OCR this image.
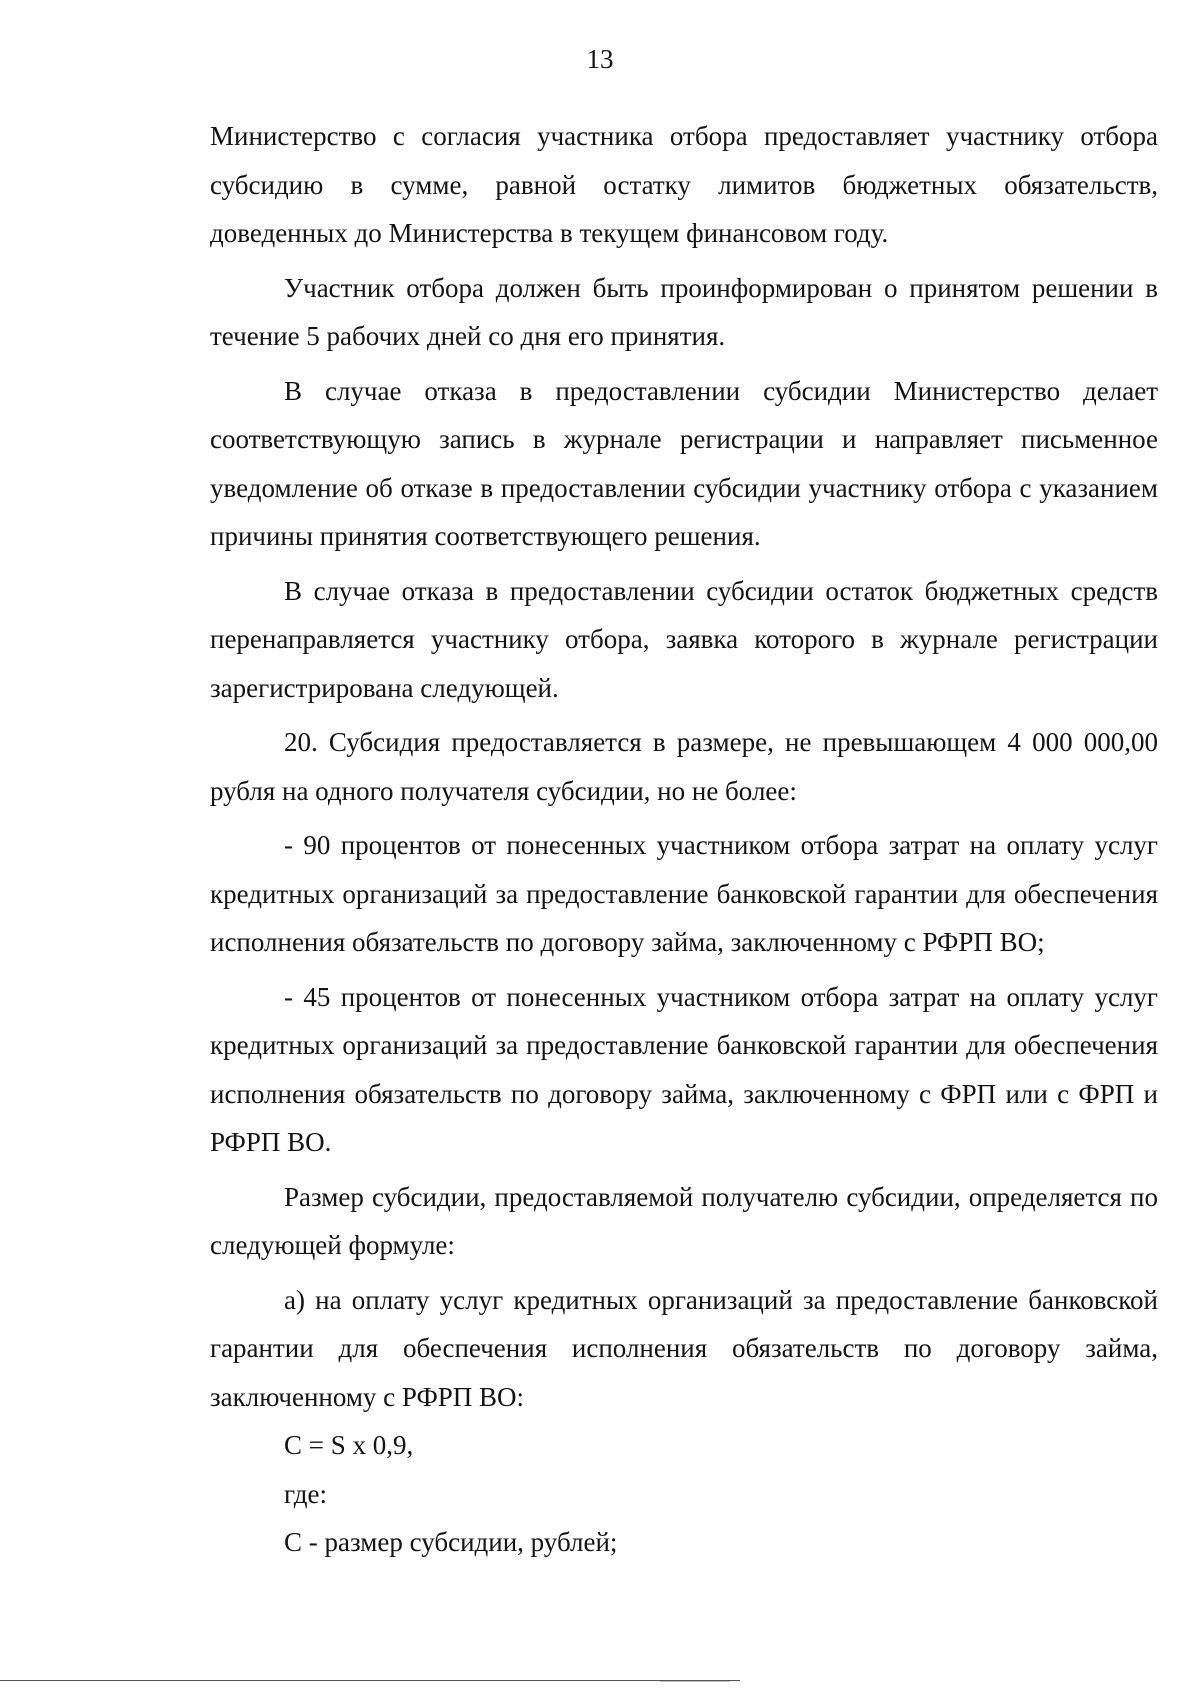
13

Министерство с согласия участника отбора предоставляет участнику отбора субсидию в сумме, равной остатку лимитов бюджетных обязательств, доведенных до Министерства в текущем финансовом году.

Участник отбора должен быть проинформирован о принятом решении в течение 5 рабочих дней со дня его принятия.

В случае отказа в предоставлении субсидии Министерство делает соответствующую запись в журнале регистрации и направляет письменное уведомление об отказе в предоставлении субсидии участнику отбора с указанием причины принятия соответствующего решения.

В случае отказа в предоставлении субсидии остаток бюджетных средств перенаправляется участнику отбора, заявка которого в журнале регистрации зарегистрирована следующей.

20. Субсидия предоставляется в размере, не превышающем 4 000 000,00 рубля на одного получателя субсидии, но не более:

- 90 процентов от понесенных участником отбора затрат на оплату услуг кредитных организаций за предоставление банковской гарантии для обеспечения исполнения обязательств по договору займа, заключенному с РФРП ВО;

- 45 процентов от понесенных участником отбора затрат на оплату услуг кредитных организаций за предоставление банковской гарантии для обеспечения исполнения обязательств по договору займа, заключенному с ФРП или с ФРП и РФРП ВО.

Размер субсидии, предоставляемой получателю субсидии, определяется по следующей формуле:

а) на оплату услуг кредитных организаций за предоставление банковской гарантии для обеспечения исполнения обязательств по договору займа, заключенному с РФРП ВО:

С = S x 0,9,

где:

С - размер субсидии, рублей;
